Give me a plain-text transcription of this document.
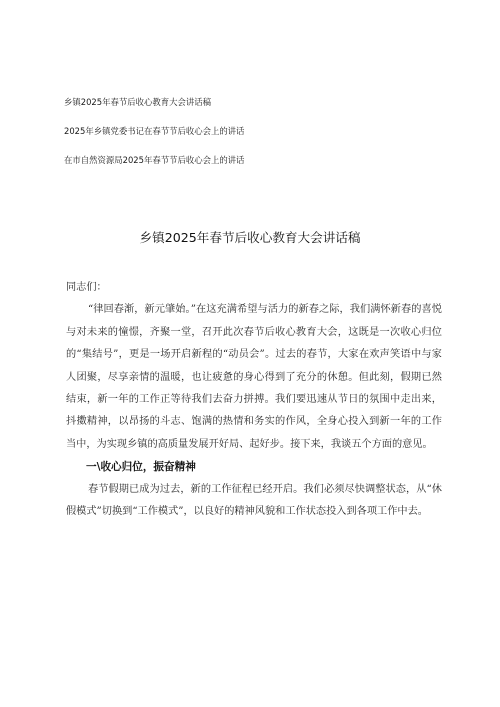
乡镇2025年春节后收心教育大会讲话稿
2025年乡镇党委书记在春节节后收心会上的讲话
在市自然资源局2025年春节节后收心会上的讲话
乡镇2025年春节后收心教育大会讲话稿

同志们：

“律回春渐，新元肇始。”在这充满希望与活力的新春之际，我们满怀新春的喜悦与对未来的憧憬，齐聚一堂，召开此次春节后收心教育大会，这既是一次收心归位的“集结号”，更是一场开启新程的“动员会”。过去的春节，大家在欢声笑语中与家人团聚，尽享亲情的温暖，也让疲惫的身心得到了充分的休憩。但此刻，假期已然结束，新一年的工作正等待我们去奋力拼搏。我们要迅速从节日的氛围中走出来，抖擞精神，以昂扬的斗志、饱满的热情和务实的作风，全身心投入到新一年的工作当中，为实现乡镇的高质量发展开好局、起好步。接下来，我谈五个方面的意见。

一\收心归位，振奋精神

春节假期已成为过去，新的工作征程已经开启。我们必须尽快调整状态，从“休假模式”切换到“工作模式”，以良好的精神风貌和工作状态投入到各项工作中去。
